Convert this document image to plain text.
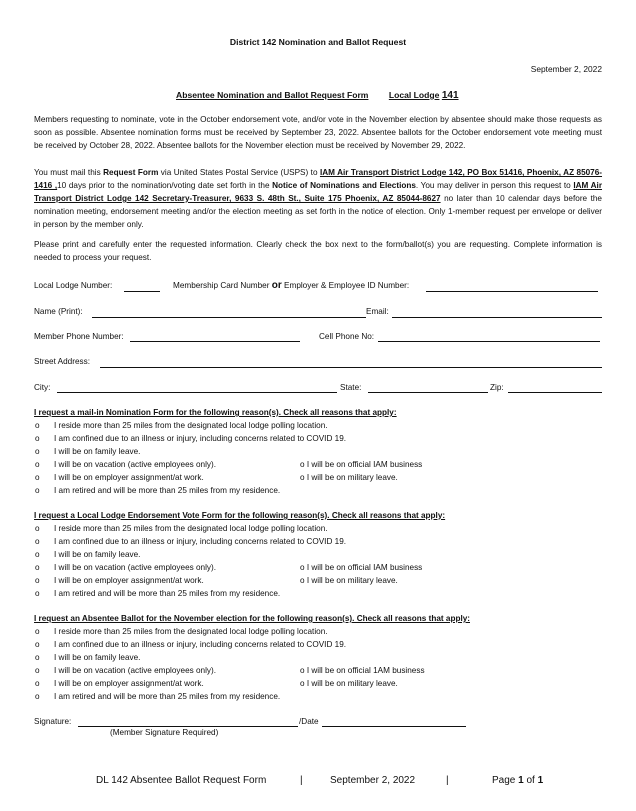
District 142 Nomination and Ballot Request
September 2, 2022
Absentee Nomination and Ballot Request Form Local Lodge 141
Members requesting to nominate, vote in the October endorsement vote, and/or vote in the November election by absentee should make those requests as soon as possible. Absentee nomination forms must be received by September 23, 2022. Absentee ballots for the October endorsement vote meeting must be received by October 28, 2022. Absentee ballots for the November election must be received by November 29, 2022.
You must mail this Request Form via United States Postal Service (USPS) to IAM Air Transport District Lodge 142, PO Box 51416, Phoenix, AZ 85076-1416 ,10 days prior to the nomination/voting date set forth in the Notice of Nominations and Elections. You may deliver in person this request to IAM Air Transport District Lodge 142 Secretary-Treasurer, 9633 S. 48th St., Suite 175 Phoenix, AZ 85044-8627 no later than 10 calendar days before the nomination meeting, endorsement meeting and/or the election meeting as set forth in the notice of election. Only 1-member request per envelope or deliver in person by the member only.
Please print and carefully enter the requested information. Clearly check the box next to the form/ballot(s) you are requesting. Complete information is needed to process your request.
Local Lodge Number:	Membership Card Number or Employer & Employee ID Number:
Name (Print):	Email:
Member Phone Number:	Cell Phone No:
Street Address:
City:	State:	Zip:
I request a mail-in Nomination Form for the following reason(s). Check all reasons that apply:
o I reside more than 25 miles from the designated local lodge polling location.
o I am confined due to an illness or injury, including concerns related to COVID 19.
o I will be on family leave.
o I will be on vacation (active employees only).	o I will be on official IAM business
o I will be on employer assignment/at work.	o I will be on military leave.
o I am retired and will be more than 25 miles from my residence.
I request a Local Lodge Endorsement Vote Form for the following reason(s). Check all reasons that apply:
o I reside more than 25 miles from the designated local lodge polling location.
o I am confined due to an illness or injury, including concerns related to COVID 19.
o I will be on family leave.
o I will be on vacation (active employees only).	o I will be on official IAM business
o I will be on employer assignment/at work.	o I will be on military leave.
o I am retired and will be more than 25 miles from my residence.
I request an Absentee Ballot for the November election for the following reason(s). Check all reasons that apply:
o I reside more than 25 miles from the designated local lodge polling location.
o I am confined due to an illness or injury, including concerns related to COVID 19.
o I will be on family leave.
o I will be on vacation (active employees only).	o I will be on official 1AM business
o I will be on employer assignment/at work.	o I will be on military leave.
o I am retired and will be more than 25 miles from my residence.
Signature:	/Date
(Member Signature Required)
DL 142 Absentee Ballot Request Form	|	September 2, 2022	|	Page 1 of 1
